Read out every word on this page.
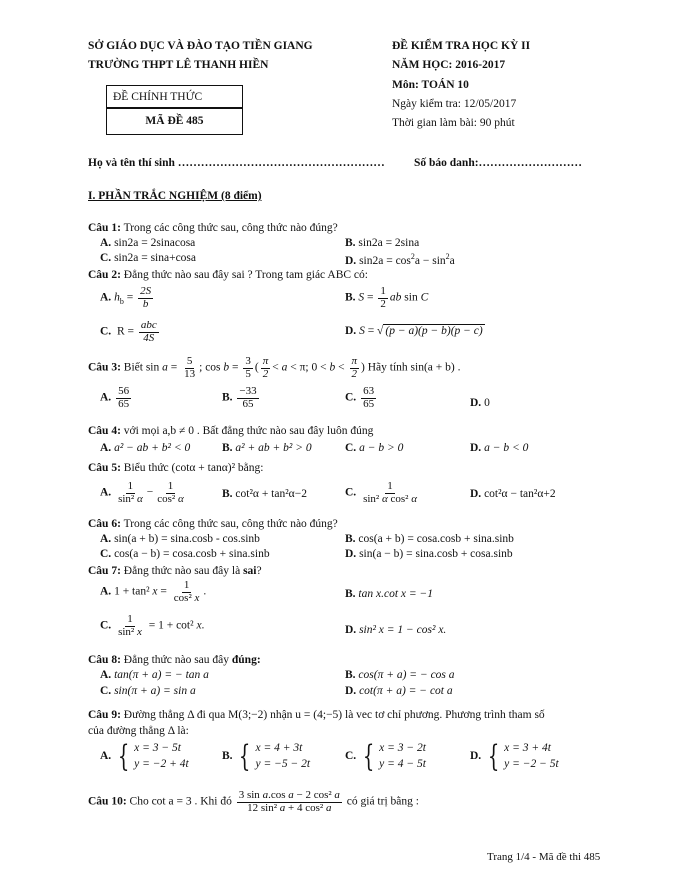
SỞ GIÁO DỤC VÀ ĐÀO TẠO TIỀN GIANG
TRƯỜNG THPT LÊ THANH HIỀN
ĐỀ KIỂM TRA HỌC KỲ II
NĂM HỌC: 2016-2017
Môn: TOÁN 10
Ngày kiểm tra: 12/05/2017
Thời gian làm bài: 90 phút
ĐỀ CHÍNH THỨC
MÃ ĐỀ 485
Họ và tên thí sinh ………………………………………………	Số báo danh:………………………
I. PHẦN TRẮC NGHIỆM (8 điểm)
Câu 1: Trong các công thức sau, công thức nào đúng?
A. sin2a = 2sinacosa	B. sin2a = 2sina
C. sin2a = sina+cosa	D. $\sin 2a = \cos^2a - \sin^2a$
Câu 2: Đẳng thức nào sau đây sai ? Trong tam giác ABC có:
A. $h_b = \frac{2S}{b}$	B. $S = \frac{1}{2}$ ab sin C
C.  $R = \frac{\text{abc}}{4S}$	D. S = √ (p − a)(p − b)(p − c)
Câu 3: Biết $\sin a = \frac{5}{13}$ ; $\cos b = \frac{3}{5}$ ( $\frac{\pi}{2} < a < \pi$; $0 < b < \frac{\pi}{2}$ ) Hãy tính sin(a + b) .
A. $\frac{56}{65}$	B. $\frac{-33}{65}$	C. $\frac{63}{65}$	D. 0
Câu 4: với mọi a,b ≠ 0 . Bất đẳng thức nào sau đây luôn đúng
A. a² − ab + b² < 0	B. a² + ab + b² > 0	C. a − b > 0	D. a − b < 0
Câu 5: Biểu thức (cotα + tanα)² bằng:
A. $\frac{1}{\text{sin² α}} - \frac{1}{\text{cos² α}}$	B. cot²α + tan²α−2	C. $\frac{1}{\text{sin² α cos² α}}$	D. cot²α − tan²α+2
Câu 6: Trong các công thức sau, công thức nào đúng?
A. sin(a + b) = sina.cosb - cos.sinb	B. cos(a + b) = cosa.cosb + sina.sinb
C. cos(a − b) = cosa.cosb + sina.sinb	D. sin(a − b) = sina.cosb + cosa.sinb
Câu 7: Đẳng thức nào sau đây là sai?
A. 1 + tan² $x = \frac{1}{\text{cos² x}}$ .	B. tan x.cot x = −1
C. $\frac{1}{\text{sin² x}} = 1 + \cot^2$ x.	D. sin² x = 1 − cos² x.
Câu 8: Đẳng thức nào sau đây đúng:
A. tan(π + a) = − tan a	B. cos(π + a) = − cos a
C. sin(π + a) = sin a	D. cot(π + a) = − cot a
Câu 9: Đường thẳng Δ đi qua M(3;−2) nhận u = (4;−5) là vec tơ chỉ phương. Phương trình tham số
của đường thẳng Δ là:
A. { x = 3 − 5t
y = −2 + 4t
B. { x = 4 + 3t
y = −5 − 2t
C. { x = 3 − 2t
y = 4 − 5t
D. { x = 3 + 4t
y = −2 − 5t
Câu 10: Cho cot a = 3 . Khi đó $\frac{\text{3 sin a.cos a − 2 cos² a}}{\text{12 sin² a + 4 cos² a}}$ có giá trị bằng :
Trang 1/4 - Mã đề thi 485
